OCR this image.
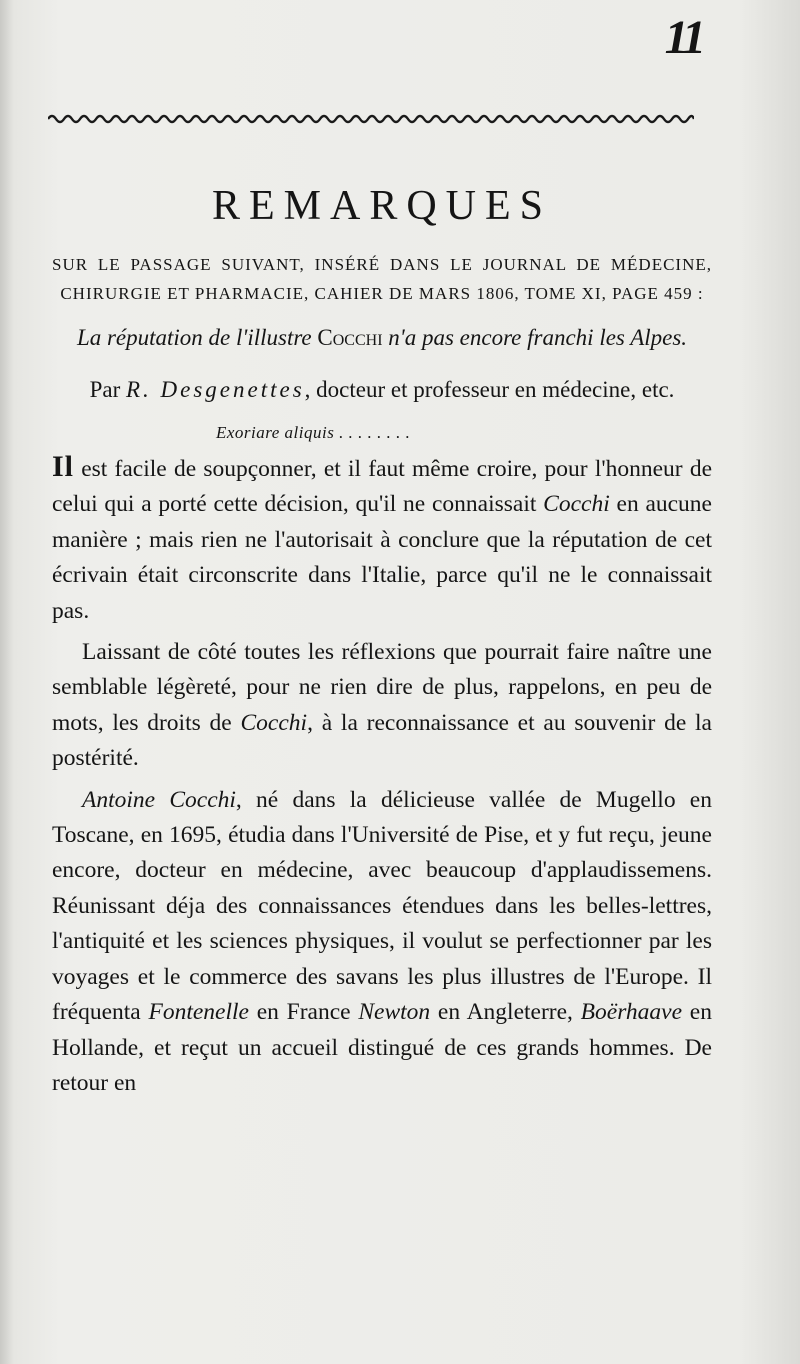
11
REMARQUES

SUR LE PASSAGE SUIVANT, INSÉRÉ DANS LE JOURNAL DE MÉDECINE, CHIRURGIE ET PHARMACIE, CAHIER DE MARS 1806, TOME XI, PAGE 459 :

La réputation de l'illustre Cocchi n'a pas encore franchi les Alpes.

Par R. Desgenettes, docteur et professeur en médecine, etc.

Exoriare aliquis . . . . . . . .

Il est facile de soupçonner, et il faut même croire, pour l'honneur de celui qui a porté cette décision, qu'il ne connaissait Cocchi en aucune manière ; mais rien ne l'autorisait à conclure que la réputation de cet écrivain était circonscrite dans l'Italie, parce qu'il ne le connaissait pas.

Laissant de côté toutes les réflexions que pourrait faire naître une semblable légèreté, pour ne rien dire de plus, rappelons, en peu de mots, les droits de Cocchi, à la reconnaissance et au souvenir de la postérité.

Antoine Cocchi, né dans la délicieuse vallée de Mugello en Toscane, en 1695, étudia dans l'Université de Pise, et y fut reçu, jeune encore, docteur en médecine, avec beaucoup d'applaudissemens. Réunissant déja des connaissances étendues dans les belles-lettres, l'antiquité et les sciences physiques, il voulut se perfectionner par les voyages et le commerce des savans les plus illustres de l'Europe. Il fréquenta Fontenelle en France Newton en Angleterre, Boërhaave en Hollande, et reçut un accueil distingué de ces grands hommes. De retour en
